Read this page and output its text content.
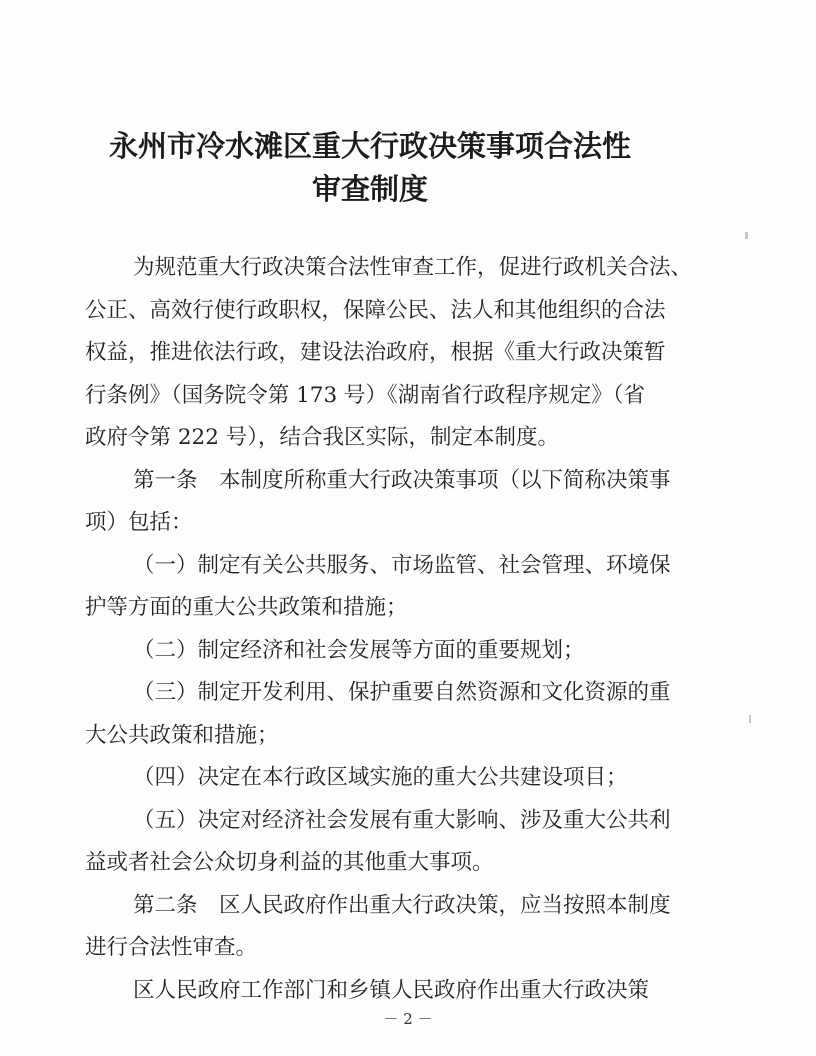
永州市冷水滩区重大行政决策事项合法性
审查制度
为规范重大行政决策合法性审查工作，促进行政机关合法、
公正、高效行使行政职权，保障公民、法人和其他组织的合法
权益，推进依法行政，建设法治政府，根据《重大行政决策暂
行条例》（国务院令第 173 号）《湖南省行政程序规定》（省
政府令第 222 号），结合我区实际，制定本制度。
第一条　本制度所称重大行政决策事项（以下简称决策事
项）包括：
（一）制定有关公共服务、市场监管、社会管理、环境保
护等方面的重大公共政策和措施；
（二）制定经济和社会发展等方面的重要规划；
（三）制定开发利用、保护重要自然资源和文化资源的重
大公共政策和措施；
（四）决定在本行政区域实施的重大公共建设项目；
（五）决定对经济社会发展有重大影响、涉及重大公共利
益或者社会公众切身利益的其他重大事项。
第二条　区人民政府作出重大行政决策，应当按照本制度
进行合法性审查。
区人民政府工作部门和乡镇人民政府作出重大行政决策
－ 2 －
